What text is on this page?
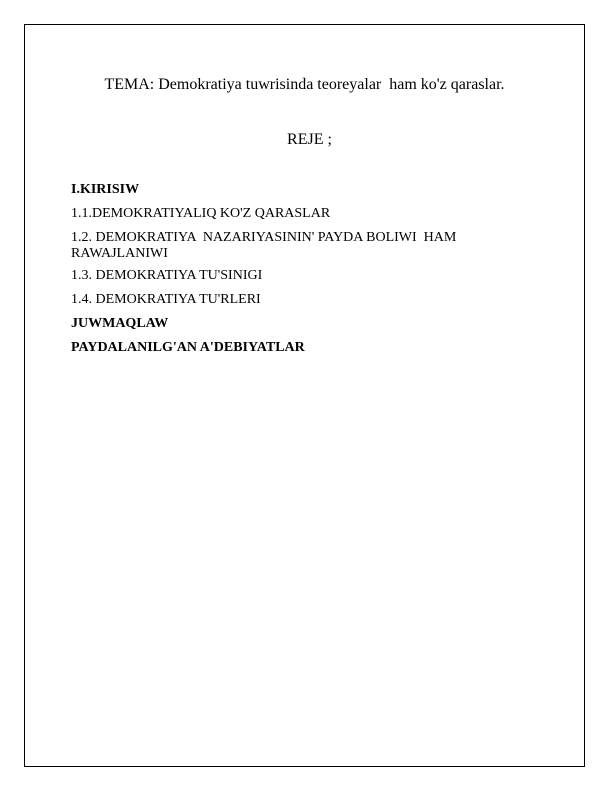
TEMA: Demokratiya tuwrisinda teoreyalar  ham ko'z qaraslar.
REJE ;
I.KIRISIW
1.1.DEMOKRATIYALIQ KO'Z QARASLAR
1.2. DEMOKRATIYA  NAZARIYASININ' PAYDA BOLIWI  HAM RAWAJLANIWI
1.3. DEMOKRATIYA TU'SINIGI
1.4. DEMOKRATIYA TU'RLERI
JUWMAQLAW
PAYDALANILG'AN A'DEBIYATLAR
